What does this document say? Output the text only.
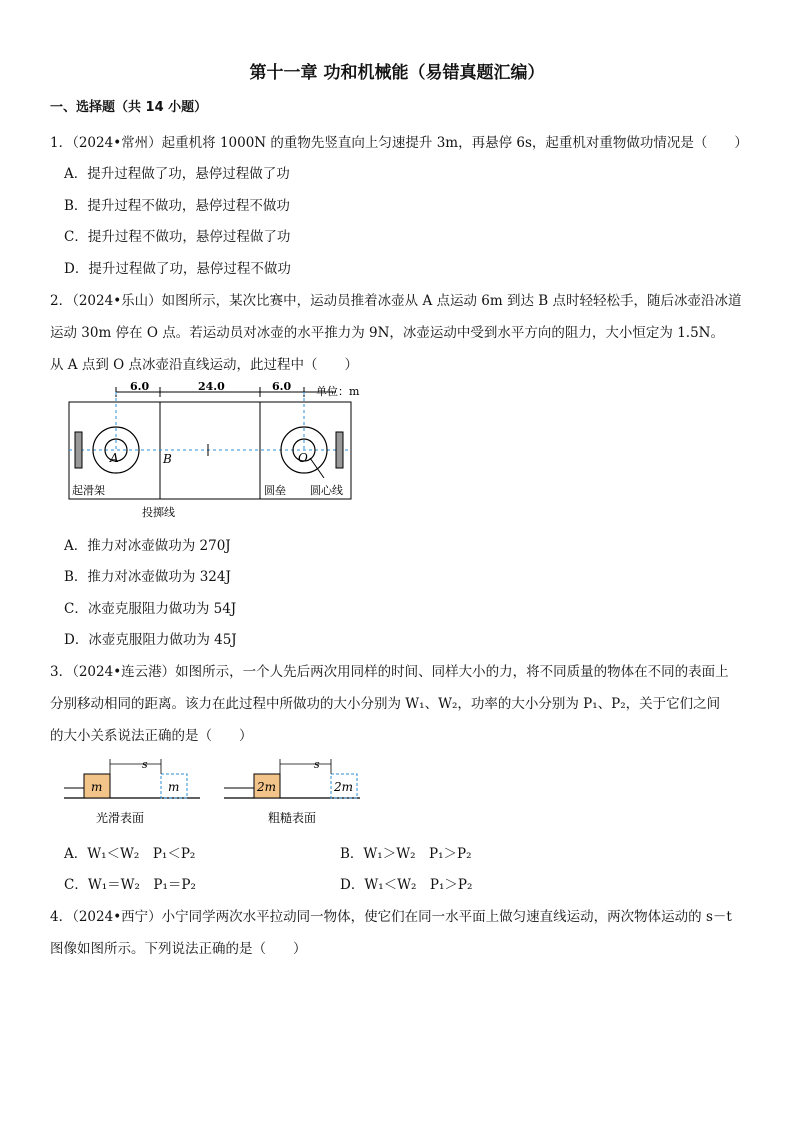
第十一章 功和机械能（易错真题汇编）
一、选择题（共 14 小题）
1．（2024•常州）起重机将 1000N 的重物先竖直向上匀速提升 3m，再悬停 6s，起重机对重物做功情况是（　　）
A．提升过程做了功，悬停过程做了功
B．提升过程不做功，悬停过程不做功
C．提升过程不做功，悬停过程做了功
D．提升过程做了功，悬停过程不做功
2．（2024•乐山）如图所示，某次比赛中，运动员推着冰壶从 A 点运动 6m 到达 B 点时轻轻松手，随后冰壶沿冰道
运动 30m 停在 O 点。若运动员对冰壶的水平推力为 9N，冰壶运动中受到水平方向的阻力，大小恒定为 1.5N。
从 A 点到 O 点冰壶沿直线运动，此过程中（　　）
6.0	24.0	6.0 单位：m
A	B	O
起滑架	圆垒 圆心线
投掷线
A．推力对冰壶做功为 270J
B．推力对冰壶做功为 324J
C．冰壶克服阻力做功为 54J
D．冰壶克服阻力做功为 45J
3．（2024•连云港）如图所示，一个人先后两次用同样的时间、同样大小的力，将不同质量的物体在不同的表面上
分别移动相同的距离。该力在此过程中所做功的大小分别为 W₁、W₂，功率的大小分别为 P₁、P₂，关于它们之间
的大小关系说法正确的是（　　）
m	m
s
光滑表面
2m	2m
s
粗糙表面
A．W₁＜W₂　P₁＜P₂	B．W₁＞W₂　P₁＞P₂
C．W₁＝W₂　P₁＝P₂	D．W₁＜W₂　P₁＞P₂
4．（2024•西宁）小宁同学两次水平拉动同一物体，使它们在同一水平面上做匀速直线运动，两次物体运动的 s－t
图像如图所示。下列说法正确的是（　　）
